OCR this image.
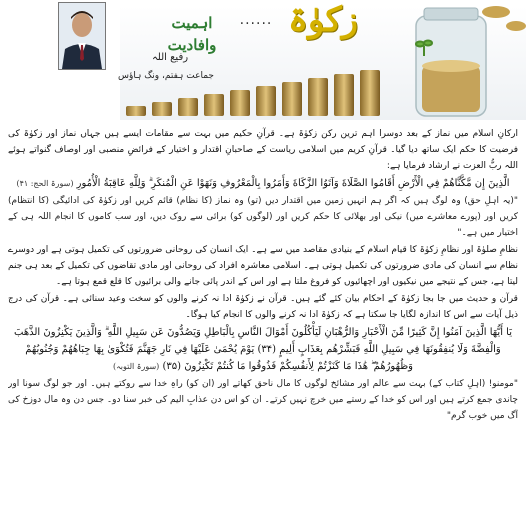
زکوٰۃ
......
اہمیت وافادیت
رفیع اللہ
جماعت ہفتم، ونگ ہاؤس

ارکانِ اسلام میں نماز کے بعد دوسرا اہم ترین رکن زکوٰۃ ہے۔ قرآنِ حکیم میں بہت سے مقامات ایسے ہیں جہاں نماز اور زکوٰۃ کی فرضیت کا حکم ایک ساتھ دیا گیا۔ قرآنِ کریم میں اسلامی ریاست کے صاحبانِ اقتدار و اختیار کے فرائضِ منصبی اور اوصاف گنواتے ہوئے اللہ ربُّ العزت نے ارشاد فرمایا ہے:

الَّذِينَ إِن مَّكَّنَّاهُمْ فِي الْأَرْضِ أَقَامُوا الصَّلَاةَ وَآتَوُا الزَّكَاةَ وَأَمَرُوا بِالْمَعْرُوفِ وَنَهَوْا عَنِ الْمُنكَرِ ۗ وَلِلَّهِ عَاقِبَةُ الْأُمُورِ (سورۃ الحج: ۴۱)

"(یہ اہلِ حق) وہ لوگ ہیں کہ اگر ہم انہیں زمین میں اقتدار دیں (تو) وہ نماز (کا نظام) قائم کریں اور زکوٰۃ کی ادائیگی (کا انتظام) کریں اور (پورے معاشرے میں) نیکی اور بھلائی کا حکم کریں اور (لوگوں کو) برائی سے روک دیں، اور سب کاموں کا انجام اللہ ہی کے اختیار میں ہے۔"

نظامِ صلوٰۃ اور نظامِ زکوٰۃ کا قیام اسلام کے بنیادی مقاصد میں سے ہے۔ ایک انسان کی روحانی ضرورتوں کی تکمیل ہوتی ہے اور دوسرے نظام سے انسان کی مادی ضرورتوں کی تکمیل ہوتی ہے۔ اسلامی معاشرہ افراد کی روحانی اور مادی تقاضوں کی تکمیل کے بعد ہی جنم لیتا ہے، جس کے نتیجے میں نیکیوں اور اچھائیوں کو فروغ ملتا ہے اور اس کے اندر پائی جانے والی برائیوں کا قلع قمع ہوتا ہے۔

قرآن و حدیث میں جا بجا زکوٰۃ کے احکام بیان کئے گئے ہیں۔ قرآن نے زکوٰۃ ادا نہ کرنے والوں کو سخت وعید سنائی ہے۔ قرآن کی درج ذیل آیات سے اس کا اندازہ لگایا جا سکتا ہے کہ زکوٰۃ ادا نہ کرنے والوں کا انجام کیا ہوگا۔

يَا أَيُّهَا الَّذِينَ آمَنُوا إِنَّ كَثِيرًا مِّنَ الْأَحْبَارِ وَالرُّهْبَانِ لَيَأْكُلُونَ أَمْوَالَ النَّاسِ بِالْبَاطِلِ وَيَصُدُّونَ عَن سَبِيلِ اللَّهِ ۗ وَالَّذِينَ يَكْنِزُونَ الذَّهَبَ وَالْفِضَّةَ وَلَا يُنفِقُونَهَا فِي سَبِيلِ اللَّهِ فَبَشِّرْهُم بِعَذَابٍ أَلِيمٍ (۳۴) يَوْمَ يُحْمَىٰ عَلَيْهَا فِي نَارِ جَهَنَّمَ فَتُكْوَىٰ بِهَا جِبَاهُهُمْ وَجُنُوبُهُمْ وَظُهُورُهُمْ ۖ هَٰذَا مَا كَنَزْتُمْ لِأَنفُسِكُمْ فَذُوقُوا مَا كُنتُمْ تَكْنِزُونَ (۳۵) (سورۃ التوبہ)

"مومنو! (اہلِ کتاب کے) بہت سے عالم اور مشائخ لوگوں کا مال ناحق کھاتے اور (ان کو) راہِ خدا سے روکتے ہیں۔ اور جو لوگ سونا اور چاندی جمع کرتے ہیں اور اس کو خدا کے رستے میں خرچ نہیں کرتے۔ ان کو اس دن عذابِ الیم کی خبر سنا دو۔ جس دن وہ مال دوزخ کی آگ میں خوب گرم"
